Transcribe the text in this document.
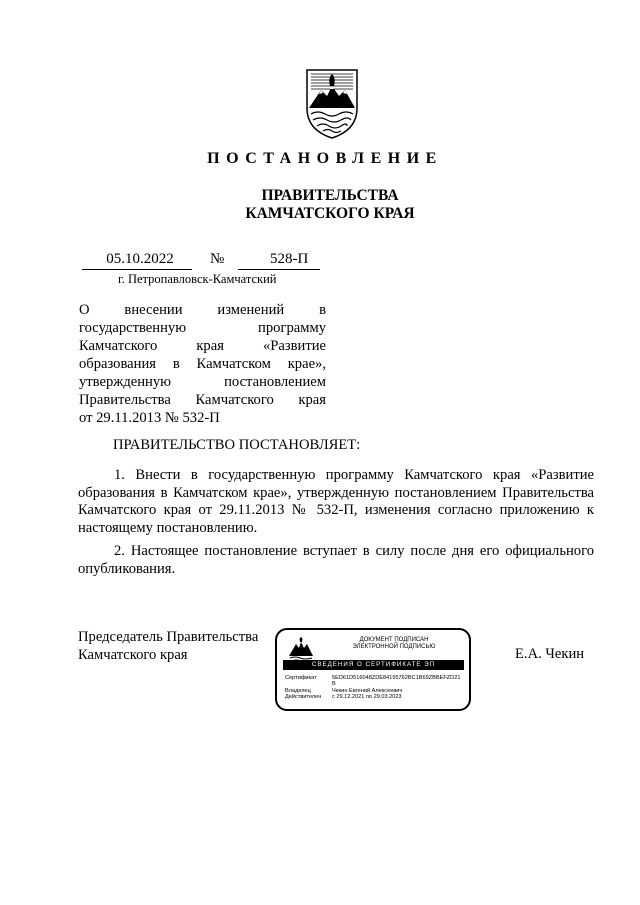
ПОСТАНОВЛЕНИЕ
ПРАВИТЕЛЬСТВА
КАМЧАТСКОГО КРАЯ
05.10.2022	№	528-П
г. Петропавловск-Камчатский
О внесении изменений в
государственную программу
Камчатского края «Развитие
образования в Камчатском крае»,
утвержденную постановлением
Правительства Камчатского края
от 29.11.2013 № 532-П
ПРАВИТЕЛЬСТВО ПОСТАНОВЛЯЕТ:
1. Внести в государственную программу Камчатского края «Развитие образования в Камчатском крае», утвержденную постановлением Правительства Камчатского края от 29.11.2013 № 532-П, изменения согласно приложению к настоящему постановлению.
2. Настоящее постановление вступает в силу после дня его официального опубликования.
Председатель Правительства
Камчатского края	Е.А. Чекин
ДОКУМЕНТ ПОДПИСАН
ЭЛЕКТРОННОЙ ПОДПИСЬЮ
СВЕДЕНИЯ О СЕРТИФИКАТЕ ЭП
Сертификат	5ED61D516048ZDE84195762BC1B69ZBBEFZD21
B
Владелец	Чекин Евгений Алексеевич
Действителен с 29.12.2021 по 29.03.2023
